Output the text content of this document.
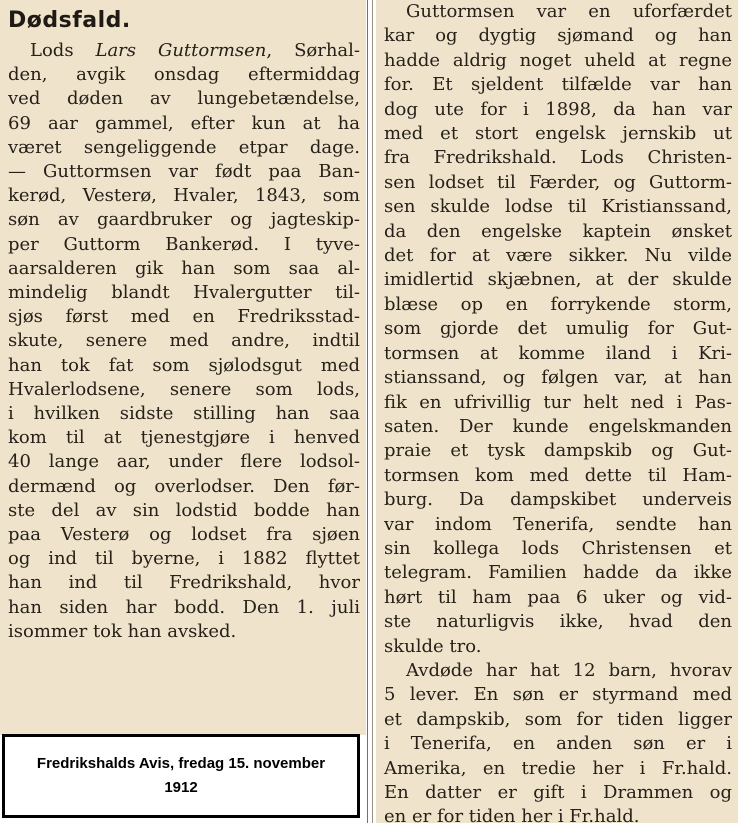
Dødsfald.
Lods Lars Guttormsen, Sørhal-
den, avgik onsdag eftermiddag
ved døden av lungebetændelse,
69 aar gammel, efter kun at ha
været sengeliggende etpar dage.
— Guttormsen var født paa Ban-
kerød, Vesterø, Hvaler, 1843, som
søn av gaardbruker og jagteskip-
per Guttorm Bankerød. I tyve-
aarsalderen gik han som saa al-
mindelig blandt Hvalergutter til-
sjøs først med en Fredriksstad-
skute, senere med andre, indtil
han tok fat som sjølodsgut med
Hvalerlodsene, senere som lods,
i hvilken sidste stilling han saa
kom til at tjenestgjøre i henved
40 lange aar, under flere lodsol-
dermænd og overlodser. Den før-
ste del av sin lodstid bodde han
paa Vesterø og lodset fra sjøen
og ind til byerne, i 1882 flyttet
han ind til Fredrikshald, hvor
han siden har bodd. Den 1. juli
isommer tok han avsked.
Guttormsen var en uforfærdet
kar og dygtig sjømand og han
hadde aldrig noget uheld at regne
for. Et sjeldent tilfælde var han
dog ute for i 1898, da han var
med et stort engelsk jernskib ut
fra Fredrikshald. Lods Christen-
sen lodset til Færder, og Guttorm-
sen skulde lodse til Kristianssand,
da den engelske kaptein ønsket
det for at være sikker. Nu vilde
imidlertid skjæbnen, at der skulde
blæse op en forrykende storm,
som gjorde det umulig for Gut-
tormsen at komme iland i Kri-
stianssand, og følgen var, at han
fik en ufrivillig tur helt ned i Pas-
saten. Der kunde engelskmanden
praie et tysk dampskib og Gut-
tormsen kom med dette til Ham-
burg. Da dampskibet underveis
var indom Tenerifa, sendte han
sin kollega lods Christensen et
telegram. Familien hadde da ikke
hørt til ham paa 6 uker og vid-
ste naturligvis ikke, hvad den
skulde tro.
Avdøde har hat 12 barn, hvorav
5 lever. En søn er styrmand med
et dampskib, som for tiden ligger
i Tenerifa, en anden søn er i
Amerika, en tredie her i Fr.hald.
En datter er gift i Drammen og
en er for tiden her i Fr.hald.
Fredrikshalds Avis, fredag 15. november 1912
